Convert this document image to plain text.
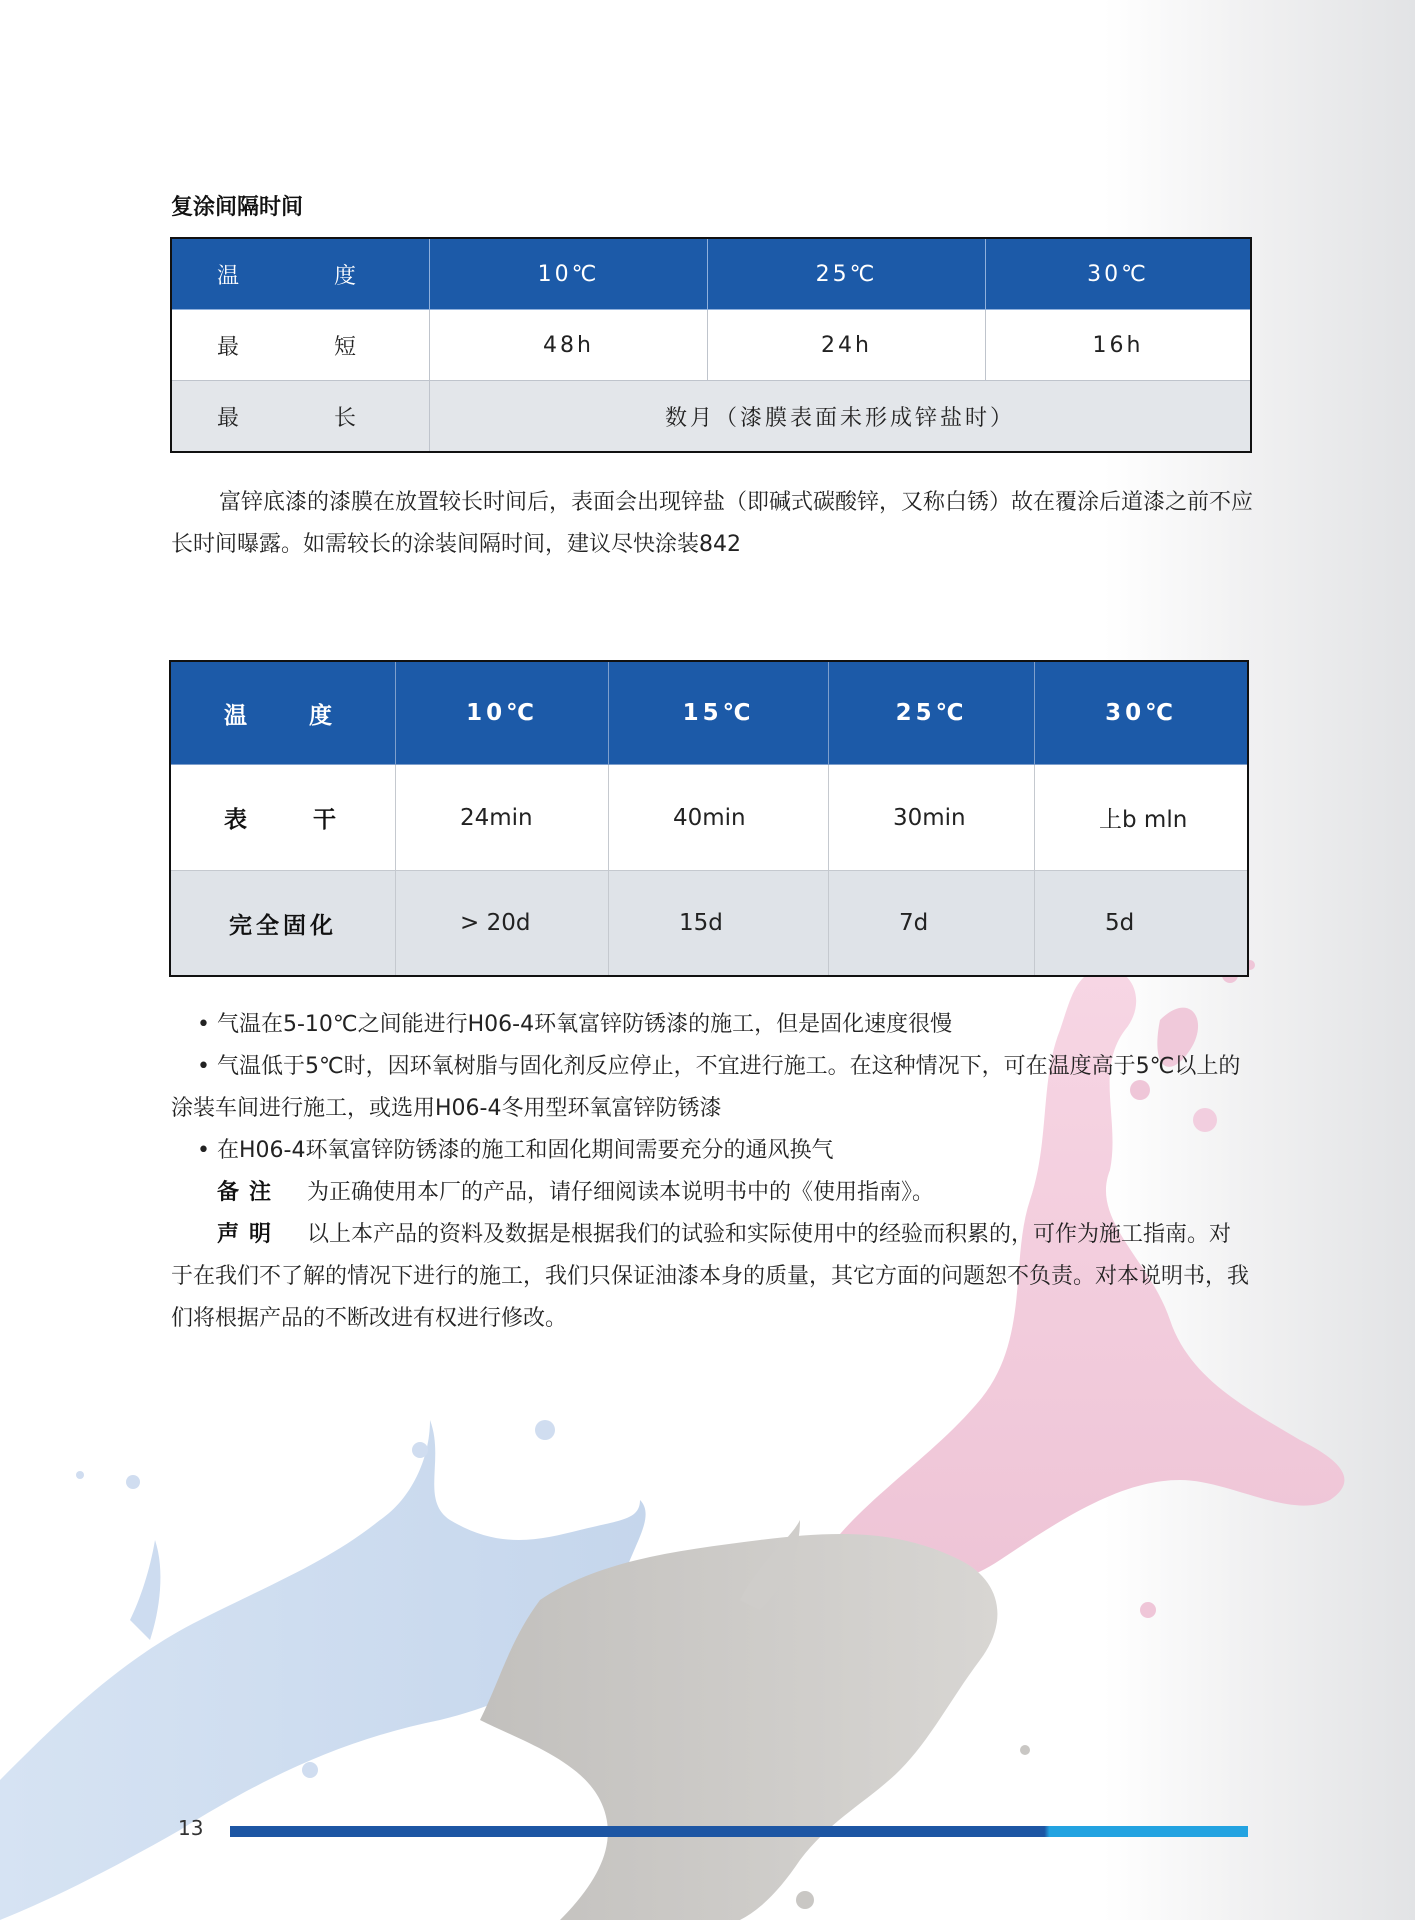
复涂间隔时间
温 度	10℃	25℃	30℃

最 短	48h	24h	16h

最 长	数月（漆膜表面未形成锌盐时）		
富锌底漆的漆膜在放置较长时间后，表面会出现锌盐（即碱式碳酸锌，又称白锈）故在覆涂后道漆之前不应长时间曝露。如需较长的涂装间隔时间，建议尽快涂装842
温 度	10℃	15℃	25℃	30℃

表 干	24min	40min	30min	上b mln
完全固化	> 20d	15d	7d	5d

• 气温在5-10℃之间能进行H06-4环氧富锌防锈漆的施工，但是固化速度很慢

• 气温低于5℃时，因环氧树脂与固化剂反应停止，不宜进行施工。在这种情况下，可在温度高于5℃以上的涂装车间进行施工，或选用H06-4冬用型环氧富锌防锈漆

• 在H06-4环氧富锌防锈漆的施工和固化期间需要充分的通风换气

备注 为正确使用本厂的产品，请仔细阅读本说明书中的《使用指南》。

声明 以上本产品的资料及数据是根据我们的试验和实际使用中的经验而积累的，可作为施工指南。对于在我们不了解的情况下进行的施工，我们只保证油漆本身的质量，其它方面的问题恕不负责。对本说明书，我们将根据产品的不断改进有权进行修改。

13
